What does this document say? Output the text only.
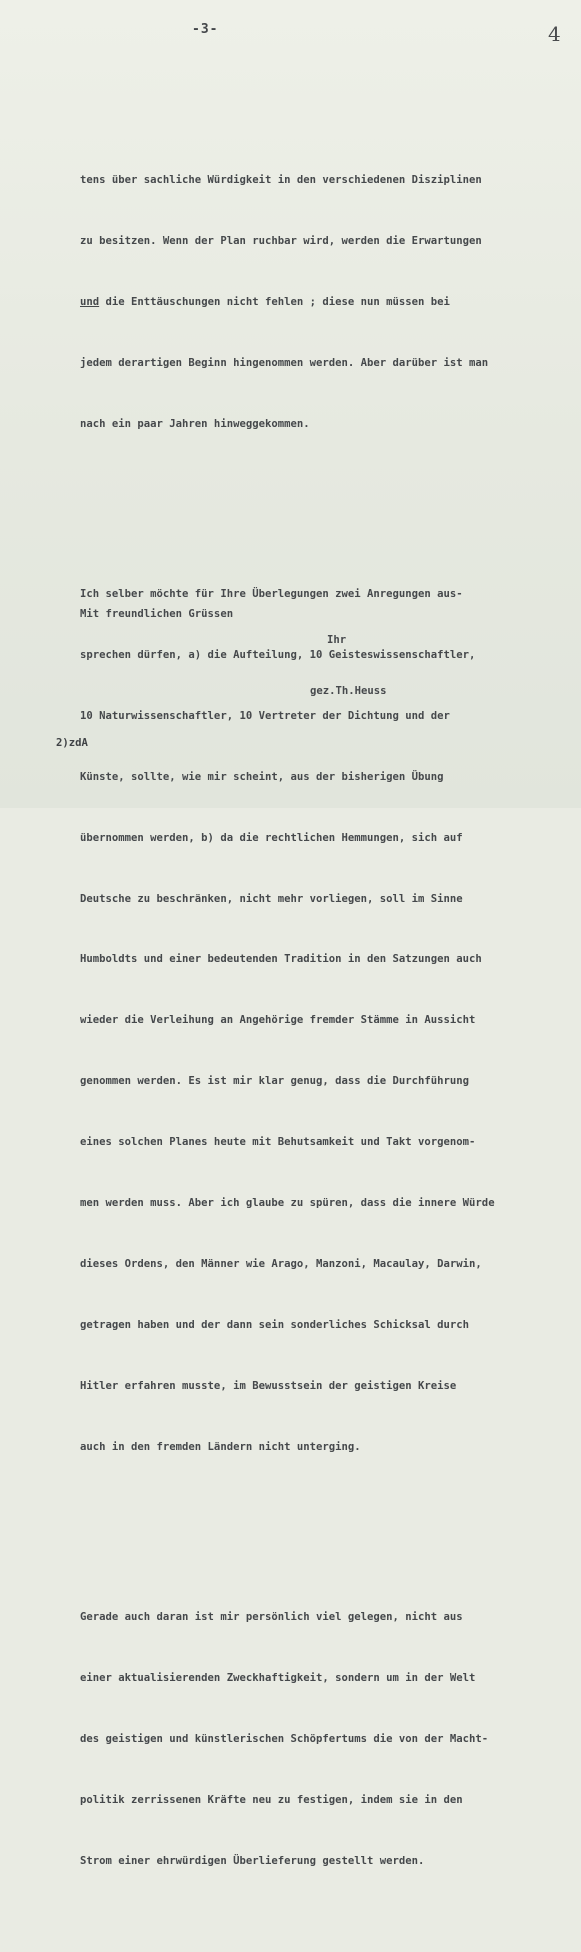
-3-	4

tens über sachliche Würdigkeit in den verschiedenen Disziplinen

zu besitzen. Wenn der Plan ruchbar wird, werden die Erwartungen

und die Enttäuschungen nicht fehlen ; diese nun müssen bei

jedem derartigen Beginn hingenommen werden. Aber darüber ist man

nach ein paar Jahren hinweggekommen.

Ich selber möchte für Ihre Überlegungen zwei Anregungen aus-

sprechen dürfen, a) die Aufteilung, 10 Geisteswissenschaftler,

10 Naturwissenschaftler, 10 Vertreter der Dichtung und der

Künste, sollte, wie mir scheint, aus der bisherigen Übung

übernommen werden, b) da die rechtlichen Hemmungen, sich auf

Deutsche zu beschränken, nicht mehr vorliegen, soll im Sinne

Humboldts und einer bedeutenden Tradition in den Satzungen auch

wieder die Verleihung an Angehörige fremder Stämme in Aussicht

genommen werden. Es ist mir klar genug, dass die Durchführung

eines solchen Planes heute mit Behutsamkeit und Takt vorgenom-

men werden muss. Aber ich glaube zu spüren, dass die innere Würde

dieses Ordens, den Männer wie Arago, Manzoni, Macaulay, Darwin,

getragen haben und der dann sein sonderliches Schicksal durch

Hitler erfahren musste, im Bewusstsein der geistigen Kreise

auch in den fremden Ländern nicht unterging.

Gerade auch daran ist mir persönlich viel gelegen, nicht aus

einer aktualisierenden Zweckhaftigkeit, sondern um in der Welt

des geistigen und künstlerischen Schöpfertums die von der Macht-

politik zerrissenen Kräfte neu zu festigen, indem sie in den

Strom einer ehrwürdigen Überlieferung gestellt werden.

Mit freundlichen Grüssen
Ihr
gez.Th.Heuss
2)zdA
